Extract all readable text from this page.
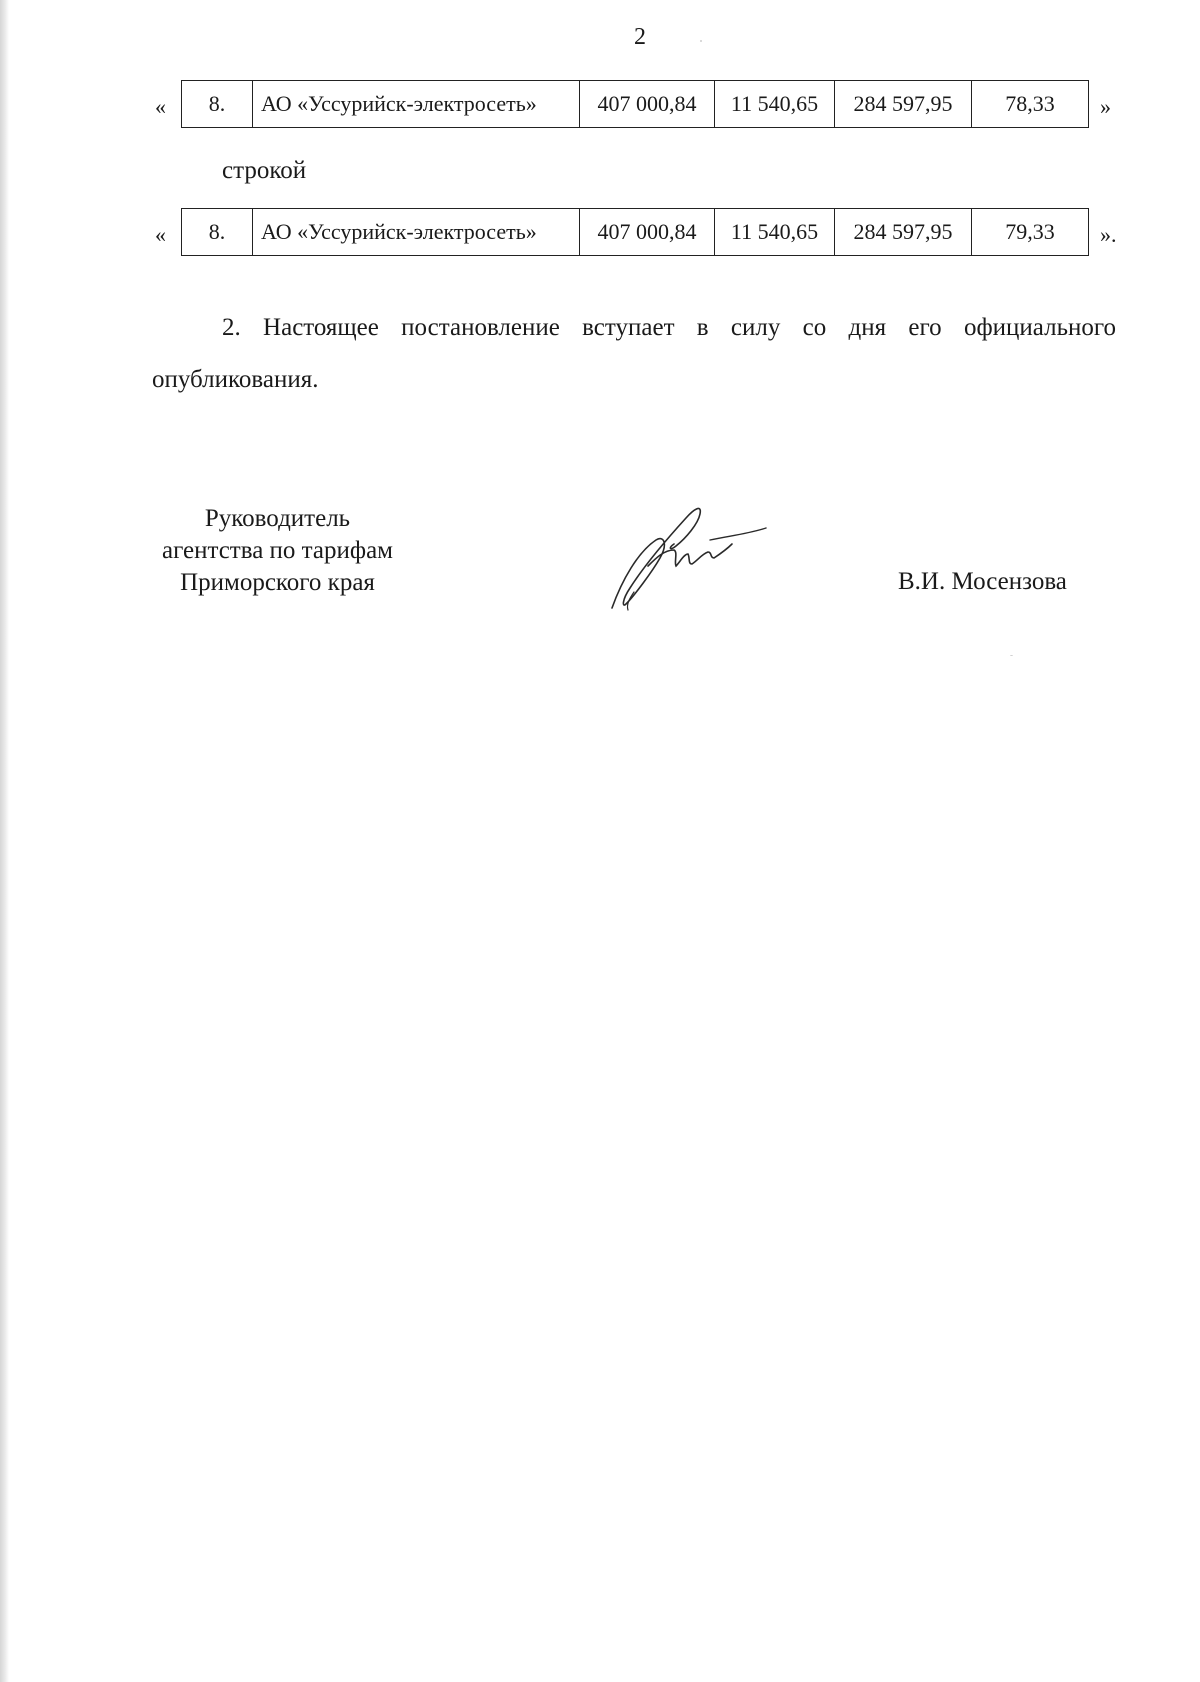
2
« 8.	АО «Уссурийск-электросеть»	407 000,84	11 540,65	284 597,95	78,33 »
строкой
« 8.	АО «Уссурийск-электросеть»	407 000,84	11 540,65	284 597,95	79,33 ».
2. Настоящее постановление вступает в силу со дня его официального опубликования.
Руководитель
агентства по тарифам
Приморского края	В.И. Мосензова
